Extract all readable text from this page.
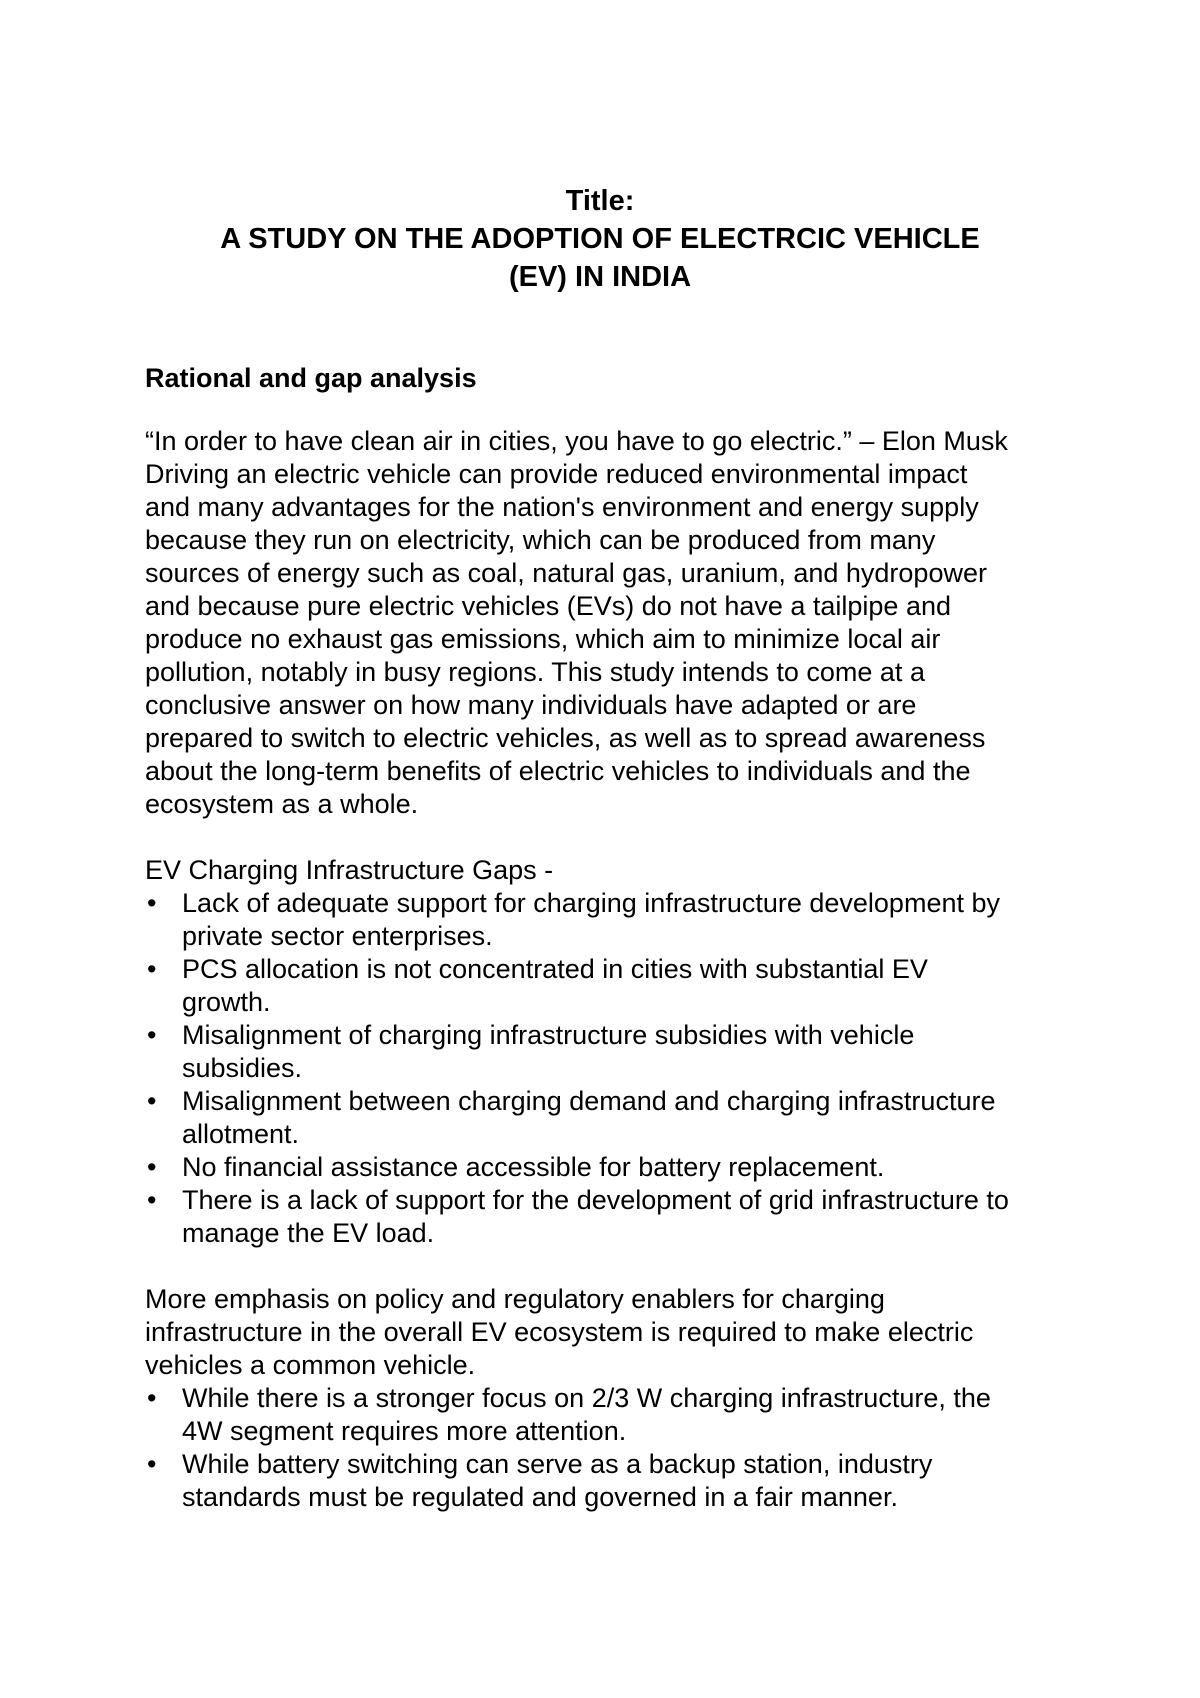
Title:
A STUDY ON THE ADOPTION OF ELECTRCIC VEHICLE
(EV) IN INDIA

Rational and gap analysis

“In order to have clean air in cities, you have to go electric.” – Elon Musk

Driving an electric vehicle can provide reduced environmental impact
and many advantages for the nation's environment and energy supply
because they run on electricity, which can be produced from many
sources of energy such as coal, natural gas, uranium, and hydropower
and because pure electric vehicles (EVs) do not have a tailpipe and
produce no exhaust gas emissions, which aim to minimize local air
pollution, notably in busy regions. This study intends to come at a
conclusive answer on how many individuals have adapted or are
prepared to switch to electric vehicles, as well as to spread awareness
about the long-term benefits of electric vehicles to individuals and the
ecosystem as a whole.

EV Charging Infrastructure Gaps -

• Lack of adequate support for charging infrastructure development by
private sector enterprises.
• PCS allocation is not concentrated in cities with substantial EV
growth.
• Misalignment of charging infrastructure subsidies with vehicle
subsidies.
• Misalignment between charging demand and charging infrastructure
allotment.
• No financial assistance accessible for battery replacement.
• There is a lack of support for the development of grid infrastructure to
manage the EV load.
More emphasis on policy and regulatory enablers for charging
infrastructure in the overall EV ecosystem is required to make electric
vehicles a common vehicle.
• While there is a stronger focus on 2/3 W charging infrastructure, the
4W segment requires more attention.
• While battery switching can serve as a backup station, industry
standards must be regulated and governed in a fair manner.
